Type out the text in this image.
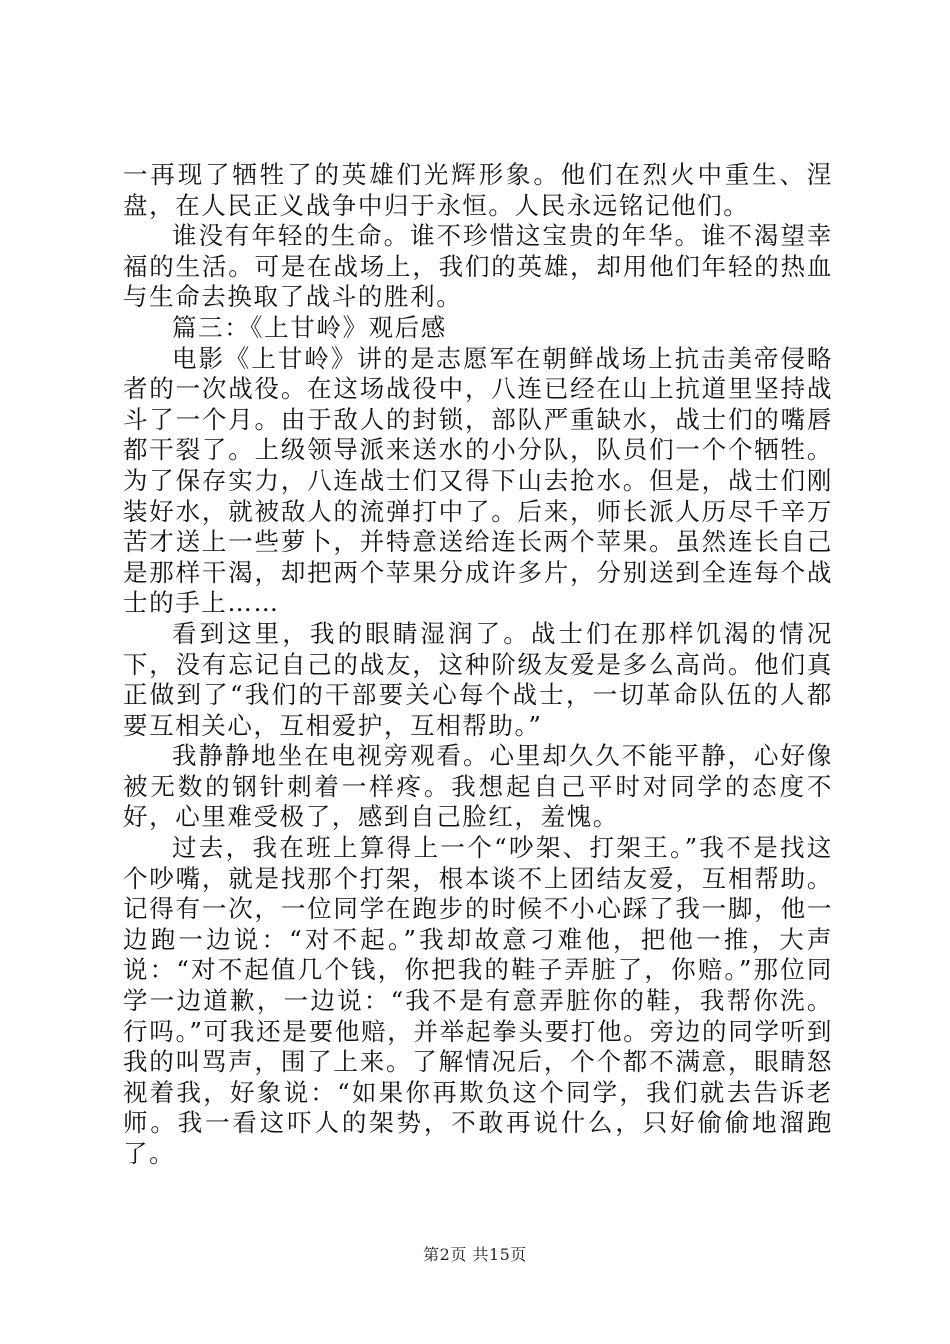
一再现了牺牲了的英雄们光辉形象。他们在烈火中重生、涅盘，在人民正义战争中归于永恒。人民永远铭记他们。

谁没有年轻的生命。谁不珍惜这宝贵的年华。谁不渴望幸福的生活。可是在战场上，我们的英雄，却用他们年轻的热血与生命去换取了战斗的胜利。

篇三：《上甘岭》观后感

电影《上甘岭》讲的是志愿军在朝鲜战场上抗击美帝侵略者的一次战役。在这场战役中，八连已经在山上抗道里坚持战斗了一个月。由于敌人的封锁，部队严重缺水，战士们的嘴唇都干裂了。上级领导派来送水的小分队，队员们一个个牺牲。为了保存实力，八连战士们又得下山去抢水。但是，战士们刚装好水，就被敌人的流弹打中了。后来，师长派人历尽千辛万苦才送上一些萝卜，并特意送给连长两个苹果。虽然连长自己是那样干渴，却把两个苹果分成许多片，分别送到全连每个战士的手上……

看到这里，我的眼睛湿润了。战士们在那样饥渴的情况下，没有忘记自己的战友，这种阶级友爱是多么高尚。他们真正做到了“我们的干部要关心每个战士，一切革命队伍的人都要互相关心，互相爱护，互相帮助。”

我静静地坐在电视旁观看。心里却久久不能平静，心好像被无数的钢针刺着一样疼。我想起自己平时对同学的态度不好，心里难受极了，感到自己脸红，羞愧。

过去，我在班上算得上一个“吵架、打架王。”我不是找这个吵嘴，就是找那个打架，根本谈不上团结友爱，互相帮助。记得有一次，一位同学在跑步的时候不小心踩了我一脚，他一边跑一边说：“对不起。”我却故意刁难他，把他一推，大声说：“对不起值几个钱，你把我的鞋子弄脏了，你赔。”那位同学一边道歉，一边说：“我不是有意弄脏你的鞋，我帮你洗。行吗。”可我还是要他赔，并举起拳头要打他。旁边的同学听到我的叫骂声，围了上来。了解情况后，个个都不满意，眼睛怒视着我，好象说：“如果你再欺负这个同学，我们就去告诉老师。我一看这吓人的架势，不敢再说什么，只好偷偷地溜跑了。

第2页 共15页
